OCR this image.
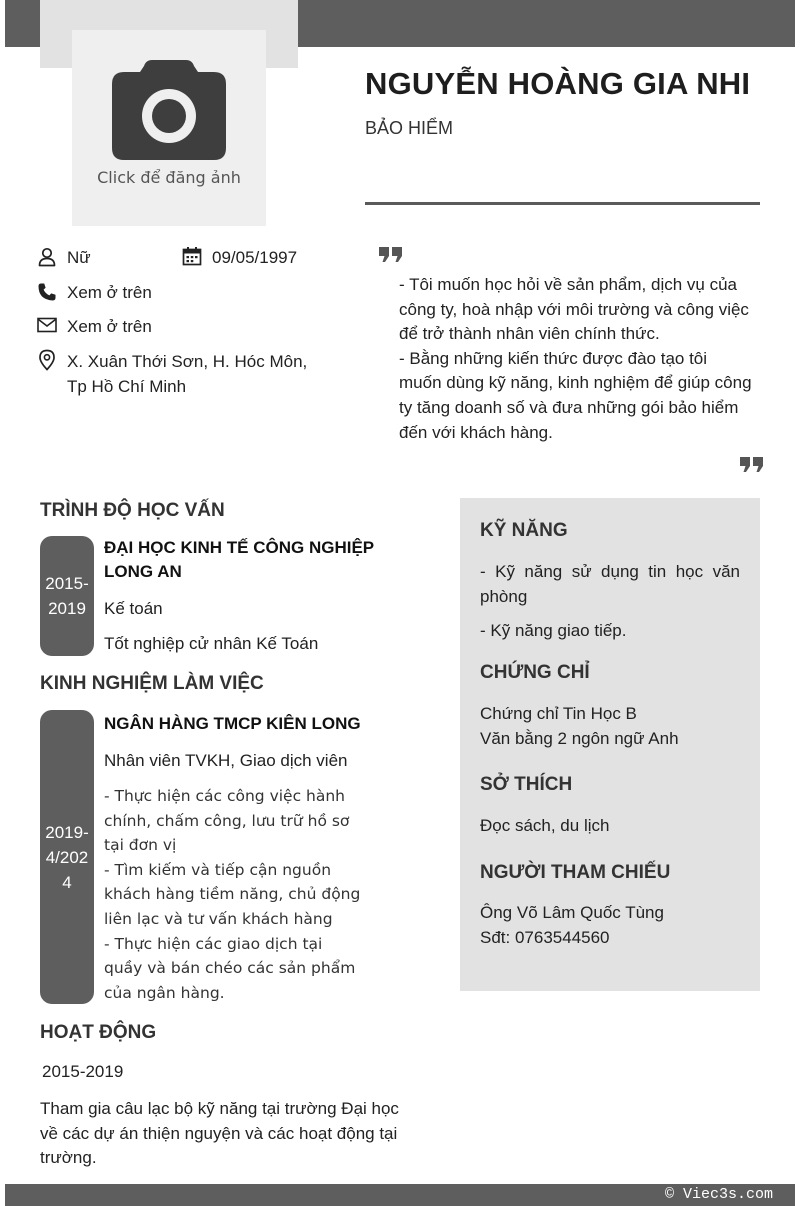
Click để đăng ảnh
NGUYỄN HOÀNG GIA NHI
BẢO HIỂM
Nữ	09/05/1997
Xem ở trên
Xem ở trên
X. Xuân Thới Sơn, H. Hóc Môn,
Tp Hồ Chí Minh

- Tôi muốn học hỏi về sản phẩm, dịch vụ của công ty, hoà nhập với môi trường và công việc để trở thành nhân viên chính thức.

- Bằng những kiến thức được đào tạo tôi muốn dùng kỹ năng, kinh nghiệm để giúp công ty tăng doanh số và đưa những gói bảo hiểm đến với khách hàng.

TRÌNH ĐỘ HỌC VẤN
2015-2019
ĐẠI HỌC KINH TẾ CÔNG NGHIỆP LONG AN
Kế toán
Tốt nghiệp cử nhân Kế Toán
KINH NGHIỆM LÀM VIỆC
2019-4/2024
NGÂN HÀNG TMCP KIÊN LONG
Nhân viên TVKH, Giao dịch viên

- Thực hiện các công việc hành chính, chấm công, lưu trữ hồ sơ tại đơn vị

- Tìm kiếm và tiếp cận nguồn khách hàng tiềm năng, chủ động liên lạc và tư vấn khách hàng

- Thực hiện các giao dịch tại quầy và bán chéo các sản phẩm của ngân hàng.

HOẠT ĐỘNG
2015-2019
Tham gia câu lạc bộ kỹ năng tại trường Đại học về các dự án thiện nguyện và các hoạt động tại trường.
KỸ NĂNG

- Kỹ năng sử dụng tin học văn phòng

- Kỹ năng giao tiếp.

CHỨNG CHỈ

Chứng chỉ Tin Học B

Văn bằng 2 ngôn ngữ Anh

SỞ THÍCH
Đọc sách, du lịch
NGƯỜI THAM CHIẾU

Ông Võ Lâm Quốc Tùng

Sđt: 0763544560

© Viec3s.com
